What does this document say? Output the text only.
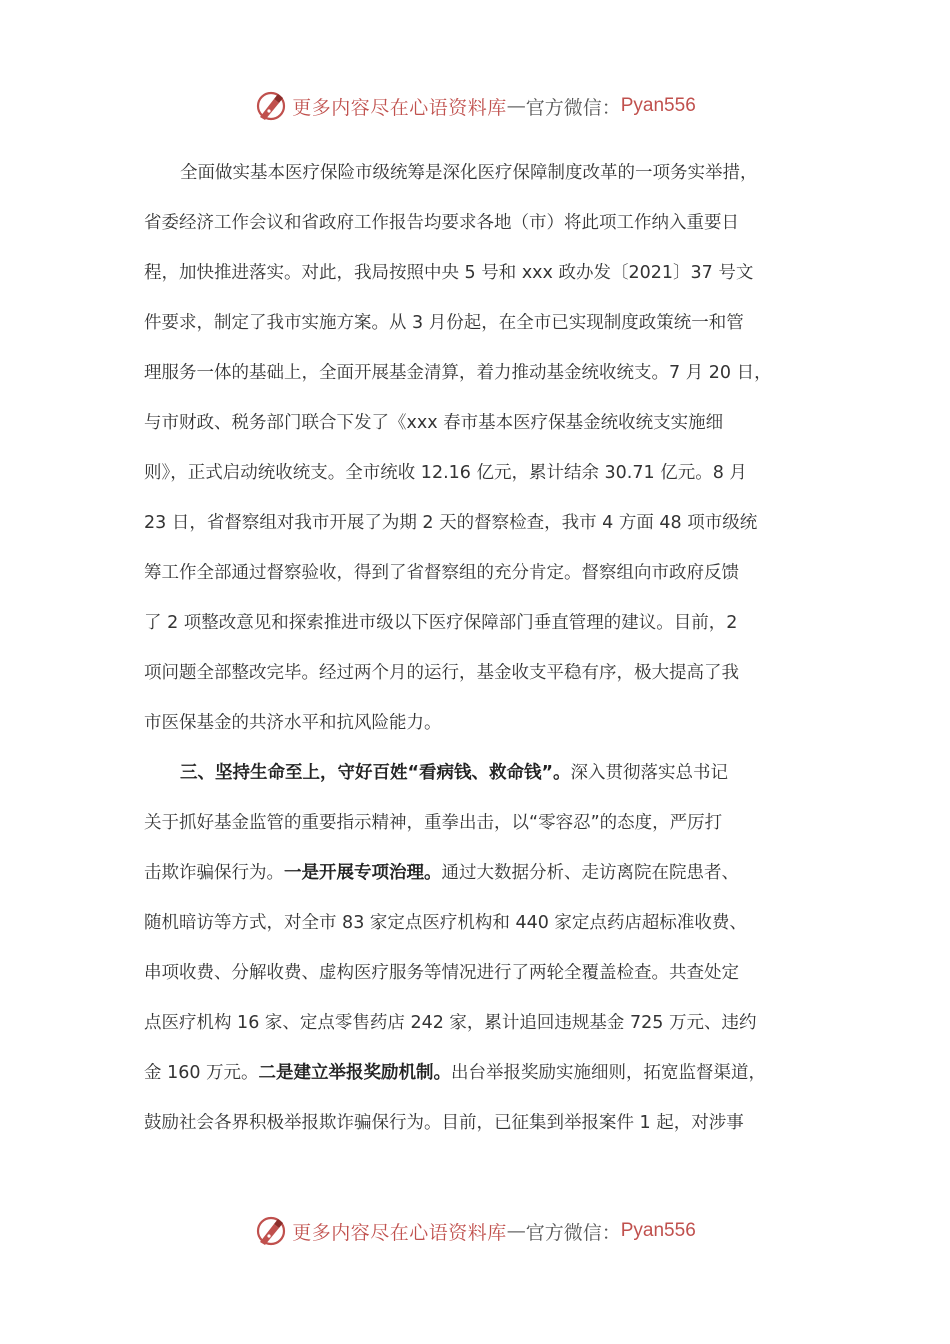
更多内容尽在心语资料库 — 官方微信： Pyan556
全面做实基本医疗保险市级统筹是深化医疗保障制度改革的一项务实举措，
省委经济工作会议和省政府工作报告均要求各地（市）将此项工作纳入重要日
程，加快推进落实。对此，我局按照中央 5 号和 xxx 政办发〔2021〕37 号文
件要求，制定了我市实施方案。从 3 月份起，在全市已实现制度政策统一和管
理服务一体的基础上，全面开展基金清算，着力推动基金统收统支。7 月 20 日，
与市财政、税务部门联合下发了《xxx 春市基本医疗保基金统收统支实施细
则》，正式启动统收统支。全市统收 12.16 亿元，累计结余 30.71 亿元。8 月
23 日，省督察组对我市开展了为期 2 天的督察检查，我市 4 方面 48 项市级统
筹工作全部通过督察验收，得到了省督察组的充分肯定。督察组向市政府反馈
了 2 项整改意见和探索推进市级以下医疗保障部门垂直管理的建议。目前，2
项问题全部整改完毕。经过两个月的运行，基金收支平稳有序，极大提高了我
市医保基金的共济水平和抗风险能力。
三、坚持生命至上，守好百姓“看病钱、救命钱”。深入贯彻落实总书记
关于抓好基金监管的重要指示精神，重拳出击，以“零容忍”的态度，严厉打
击欺诈骗保行为。一是开展专项治理。通过大数据分析、走访离院在院患者、
随机暗访等方式，对全市 83 家定点医疗机构和 440 家定点药店超标准收费、
串项收费、分解收费、虚构医疗服务等情况进行了两轮全覆盖检查。共查处定
点医疗机构 16 家、定点零售药店 242 家，累计追回违规基金 725 万元、违约
金 160 万元。二是建立举报奖励机制。出台举报奖励实施细则，拓宽监督渠道，
鼓励社会各界积极举报欺诈骗保行为。目前，已征集到举报案件 1 起，对涉事
更多内容尽在心语资料库 — 官方微信： Pyan556
